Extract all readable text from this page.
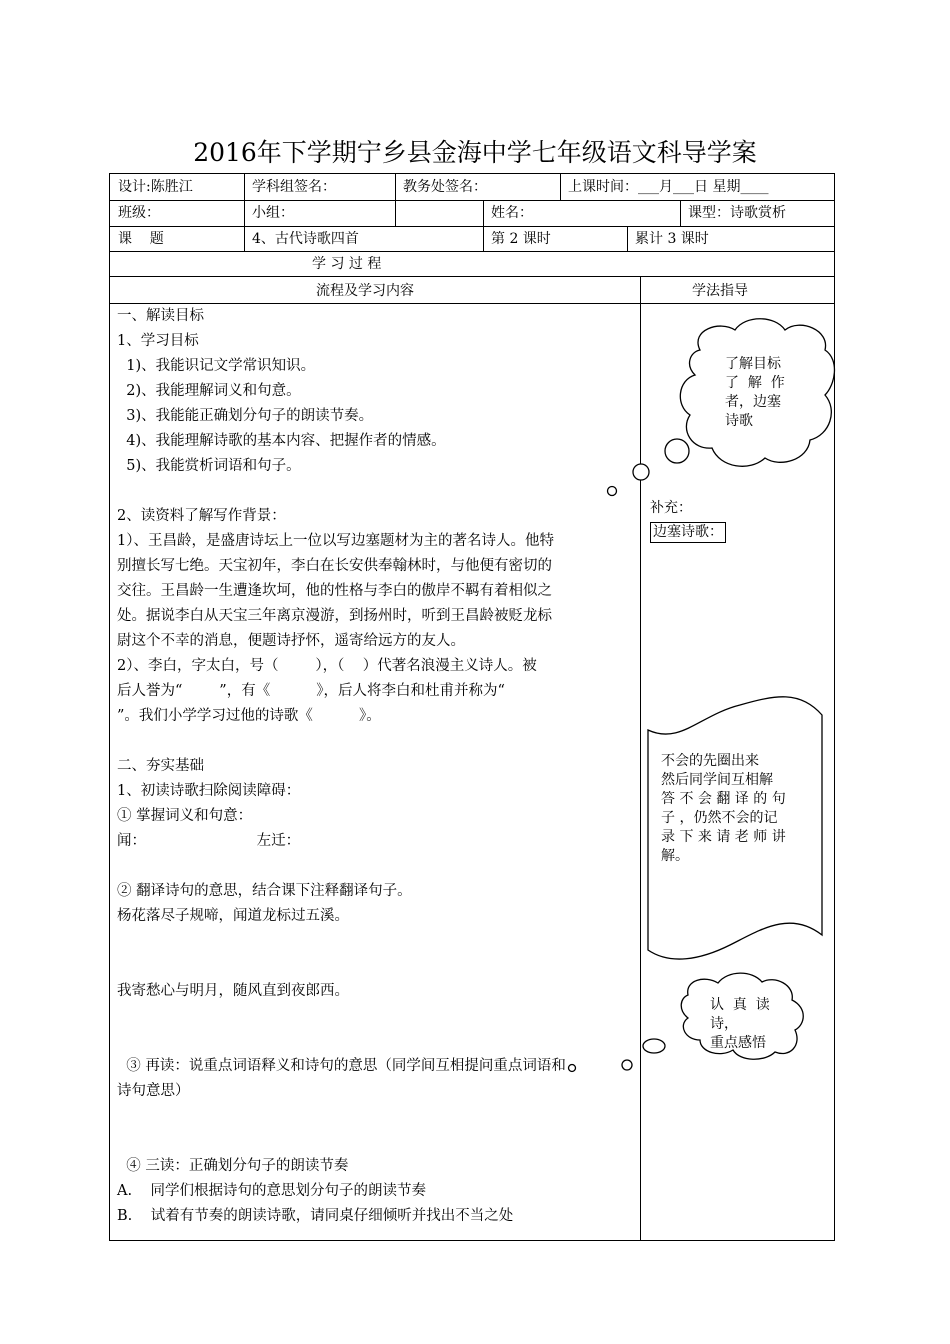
2016年下学期宁乡县金海中学七年级语文科导学案
设计:陈胜江	学科组签名：	教务处签名：	上课时间：___月___日 星期____
班级：	小组：	姓名：	课型：诗歌赏析
课    题	4、古代诗歌四首	第 2 课时	累计 3 课时
学 习 过 程
流程及学习内容	学法指导
一、解读目标
1、学习目标
1)、我能识记文学常识知识。
2)、我能理解词义和句意。
3)、我能能正确划分句子的朗读节奏。
4)、我能理解诗歌的基本内容、把握作者的情感。
5)、我能赏析词语和句子。
2、读资料了解写作背景：
1）、王昌龄，是盛唐诗坛上一位以写边塞题材为主的著名诗人。他特
别擅长写七绝。天宝初年，李白在长安供奉翰林时，与他便有密切的
交往。王昌龄一生遭逢坎坷，他的性格与李白的傲岸不羁有着相似之
处。据说李白从天宝三年离京漫游，到扬州时，听到王昌龄被贬龙标
尉这个不幸的消息，便题诗抒怀，遥寄给远方的友人。
2）、李白，字太白，号（        ），（    ）代著名浪漫主义诗人。被
后人誉为“        ”，有《          》，后人将李白和杜甫并称为“
”。我们小学学习过他的诗歌《          》。
二、夯实基础
1、初读诗歌扫除阅读障碍：
① 掌握词义和句意：
闻：                        左迁：
② 翻译诗句的意思，结合课下注释翻译句子。
杨花落尽子规啼，闻道龙标过五溪。
我寄愁心与明月，随风直到夜郎西。
③ 再读：说重点词语释义和诗句的意思（同学间互相提问重点词语和
诗句意思）
④ 三读：正确划分句子的朗读节奏
A.    同学们根据诗句的意思划分句子的朗读节奏
B.    试着有节奏的朗读诗歌，请同桌仔细倾听并找出不当之处
了解目标
了  解  作
者，边塞
诗歌
补充：
边塞诗歌：
不会的先圈出来
然后同学间互相解
答 不 会 翻 译 的 句
子 ，仍然不会的记
录 下 来 请 老 师 讲
解。
认  真  读
诗，
重点感悟
